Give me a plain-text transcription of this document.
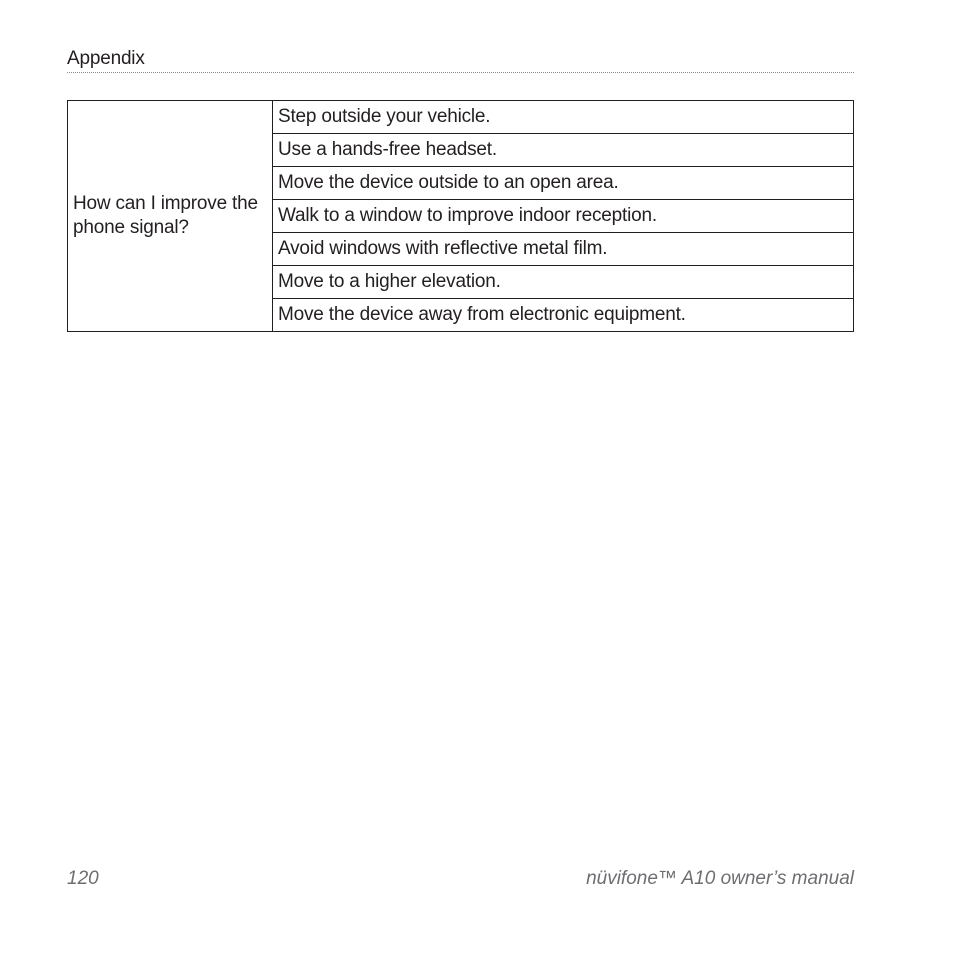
Appendix
How can I improve the phone signal?	Step outside your vehicle.
Use a hands-free headset.
Move the device outside to an open area.
Walk to a window to improve indoor reception.
Avoid windows with reflective metal film.
Move to a higher elevation.
Move the device away from electronic equipment.
120	nüvifone™ A10 owner’s manual
